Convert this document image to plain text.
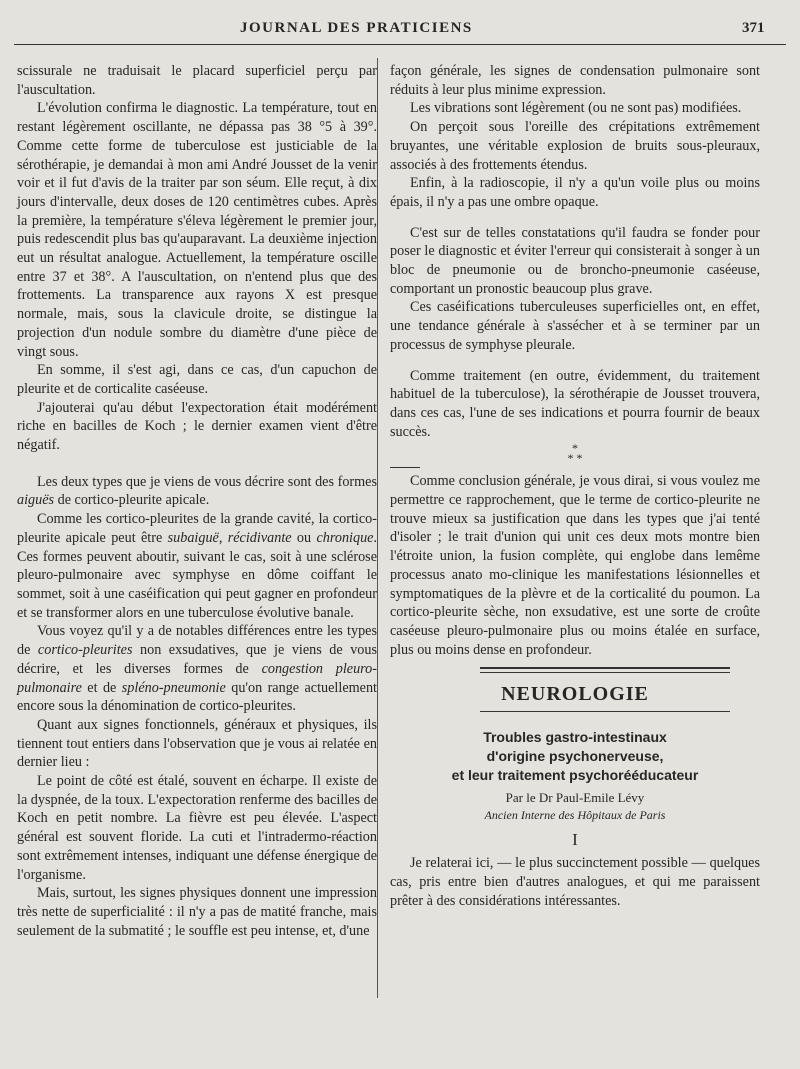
JOURNAL DES PRATICIENS	371

scissurale ne traduisait le placard superficiel perçu par l'auscultation.

L'évolution confirma le diagnostic. La température, tout en restant légèrement oscillante, ne dépassa pas 38 °5 à 39°. Comme cette forme de tuberculose est justiciable de la sérothérapie, je demandai à mon ami André Jousset de la venir voir et il fut d'avis de la traiter par son séum. Elle reçut, à dix jours d'intervalle, deux doses de 120 centimètres cubes. Après la première, la température s'éleva légèrement le premier jour, puis redescendit plus bas qu'auparavant. La deuxième injection eut un résultat analogue. Actuellement, la température oscille entre 37 et 38°. A l'auscultation, on n'entend plus que des frottements. La transparence aux rayons X est presque normale, mais, sous la clavicule droite, se distingue la projection d'un nodule sombre du diamètre d'une pièce de vingt sous.

En somme, il s'est agi, dans ce cas, d'un capuchon de pleurite et de corticalite caséeuse.

J'ajouterai qu'au début l'expectoration était modérément riche en bacilles de Koch ; le dernier examen vient d'être négatif.

Les deux types que je viens de vous décrire sont des formes aiguës de cortico-pleurite apicale.

Comme les cortico-pleurites de la grande cavité, la cortico-pleurite apicale peut être subaiguë, récidivante ou chronique. Ces formes peuvent aboutir, suivant le cas, soit à une sclérose pleuro-pulmonaire avec symphyse en dôme coiffant le sommet, soit à une caséification qui peut gagner en profondeur et se transformer alors en une tuberculose évolutive banale.

Vous voyez qu'il y a de notables différences entre les types de cortico-pleurites non exsudatives, que je viens de vous décrire, et les diverses formes de congestion pleuro-pulmonaire et de spléno-pneumonie qu'on range actuellement encore sous la dénomination de cortico-pleurites.

Quant aux signes fonctionnels, généraux et physiques, ils tiennent tout entiers dans l'observation que je vous ai relatée en dernier lieu :

Le point de côté est étalé, souvent en écharpe. Il existe de la dyspnée, de la toux. L'expectoration renferme des bacilles de Koch en petit nombre. La fièvre est peu élevée. L'aspect général est souvent floride. La cuti et l'intradermo-réaction sont extrêmement intenses, indiquant une défense énergique de l'organisme.

Mais, surtout, les signes physiques donnent une impression très nette de superficialité : il n'y a pas de matité franche, mais seulement de la submatité ; le souffle est peu intense, et, d'une

façon générale, les signes de condensation pulmonaire sont réduits à leur plus minime expression.

Les vibrations sont légèrement (ou ne sont pas) modifiées.

On perçoit sous l'oreille des crépitations extrêmement bruyantes, une véritable explosion de bruits sous-pleuraux, associés à des frottements étendus.

Enfin, à la radioscopie, il n'y a qu'un voile plus ou moins épais, il n'y a pas une ombre opaque.

C'est sur de telles constatations qu'il faudra se fonder pour poser le diagnostic et éviter l'erreur qui consisterait à songer à un bloc de pneumonie ou de broncho-pneumonie caséeuse, comportant un pronostic beaucoup plus grave.

Ces caséifications tuberculeuses superficielles ont, en effet, une tendance générale à s'assécher et à se terminer par un processus de symphyse pleurale.

Comme traitement (en outre, évidemment, du traitement habituel de la tuberculose), la sérothérapie de Jousset trouvera, dans ces cas, l'une de ses indications et pourra fournir de beaux succès.

*
* *

Comme conclusion générale, je vous dirai, si vous voulez me permettre ce rapprochement, que le terme de cortico-pleurite ne trouve mieux sa justification que dans les types que j'ai tenté d'isoler ; le trait d'union qui unit ces deux mots montre bien l'étroite union, la fusion complète, qui englobe dans lemême processus anato mo-clinique les manifestations lésionnelles et symptomatiques de la plèvre et de la corticalité du poumon. La cortico-pleurite sèche, non exsudative, est une sorte de croûte caséeuse pleuro-pulmonaire plus ou moins étalée en surface, plus ou moins dense en profondeur.

NEUROLOGIE
Troubles gastro-intestinaux
d'origine psychonerveuse,
et leur traitement psychorééducateur
Par le Dr Paul-Emile Lévy
Ancien Interne des Hôpitaux de Paris
I

Je relaterai ici, — le plus succinctement possible — quelques cas, pris entre bien d'autres analogues, et qui me paraissent prêter à des considérations intéressantes.
